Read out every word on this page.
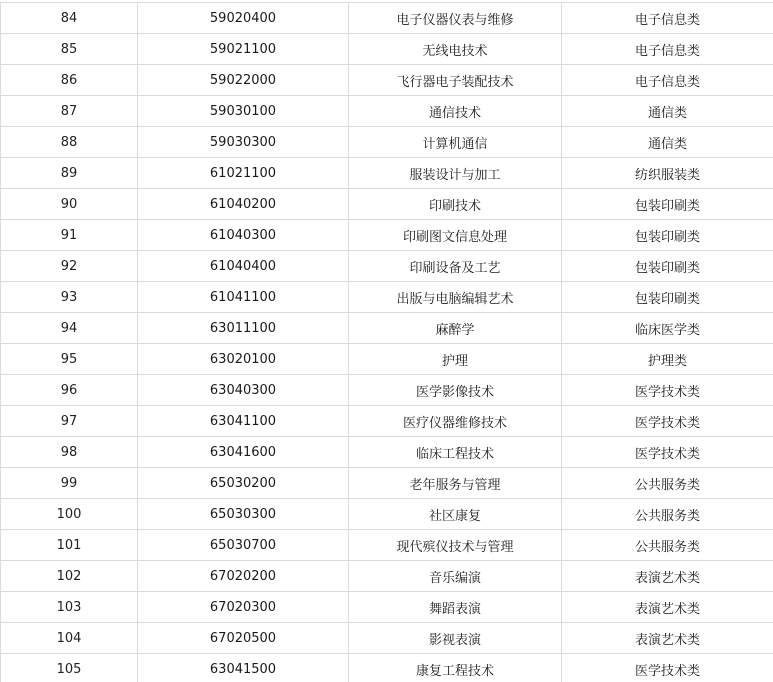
84	59020400	电子仪器仪表与维修	电子信息类
85	59021100	无线电技术	电子信息类
86	59022000	飞行器电子装配技术	电子信息类
87	59030100	通信技术	通信类
88	59030300	计算机通信	通信类
89	61021100	服装设计与加工	纺织服装类
90	61040200	印刷技术	包装印刷类
91	61040300	印刷图文信息处理	包装印刷类
92	61040400	印刷设备及工艺	包装印刷类
93	61041100	出版与电脑编辑艺术	包装印刷类
94	63011100	麻醉学	临床医学类
95	63020100	护理	护理类
96	63040300	医学影像技术	医学技术类
97	63041100	医疗仪器维修技术	医学技术类
98	63041600	临床工程技术	医学技术类
99	65030200	老年服务与管理	公共服务类
100	65030300	社区康复	公共服务类
101	65030700	现代殡仪技术与管理	公共服务类
102	67020200	音乐编演	表演艺术类
103	67020300	舞蹈表演	表演艺术类
104	67020500	影视表演	表演艺术类
105	63041500	康复工程技术	医学技术类
